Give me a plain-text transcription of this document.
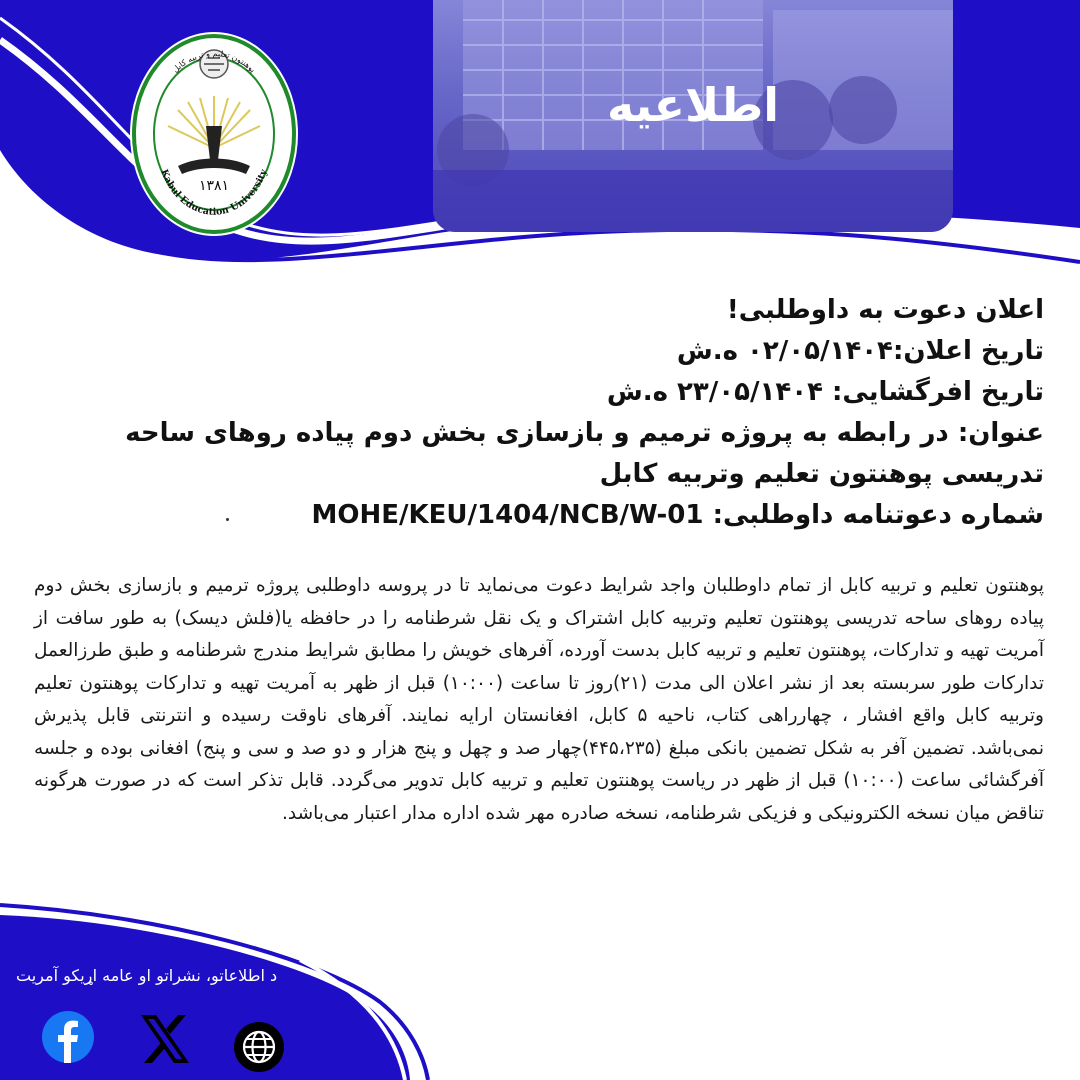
اطلاعیه
۱۳۸۱
Kabul Education University
پوهنتون تعلیم و تربیه کابل
اعلان دعوت به داوطلبی!
تاریخ اعلان:۰۲/۰۵/۱۴۰۴ ه.ش
تاریخ افرگشایی: ۲۳/۰۵/۱۴۰۴ ه.ش
عنوان: در رابطه به پروژه ترمیم و بازسازی بخش دوم پیاده روهای ساحه تدریسی پوهنتون تعلیم وتربیه کابل
شماره دعوتنامه داوطلبی: MOHE/KEU/1404/NCB/W-01
پوهنتون تعلیم و تربیه کابل از تمام داوطلبان واجد شرایط دعوت می‌نماید تا در پروسه داوطلبی پروژه ترمیم و بازسازی بخش دوم پیاده روهای ساحه تدریسی پوهنتون تعلیم وتربیه کابل اشتراک و یک نقل شرطنامه را در حافظه یا(فلش دیسک) به طور سافت از آمریت تهیه و تدارکات، پوهنتون تعلیم و تربیه کابل بدست آورده، آفرهای خویش را مطابق شرایط مندرج شرطنامه و طبق طرزالعمل تدارکات طور سربسته بعد از نشر اعلان الی مدت (۲۱)روز تا ساعت (۱۰:۰۰) قبل از ظهر به آمریت تهیه و تدارکات پوهنتون تعلیم وتربیه کابل واقع افشار ، چهارراهی کتاب، ناحیه ۵ کابل، افغانستان ارایه نمایند. آفرهای ناوقت رسیده و انترنتی قابل پذیرش نمی‌باشد. تضمین آفر به شکل تضمین بانکی مبلغ (۴۴۵،۲۳۵)چهار صد و چهل و پنج هزار و دو صد و سی و پنج) افغانی بوده و جلسه آفرگشائی ساعت (۱۰:۰۰) قبل از ظهر در ریاست پوهنتون تعلیم و تربیه کابل تدویر می‌گردد. قابل تذکر است که در صورت هرگونه تناقض میان نسخه الکترونیکی و فزیکی شرطنامه، نسخه صادره مهر شده اداره مدار اعتبار می‌باشد.
د اطلاعاتو، نشراتو او عامه اړیکو آمریت
